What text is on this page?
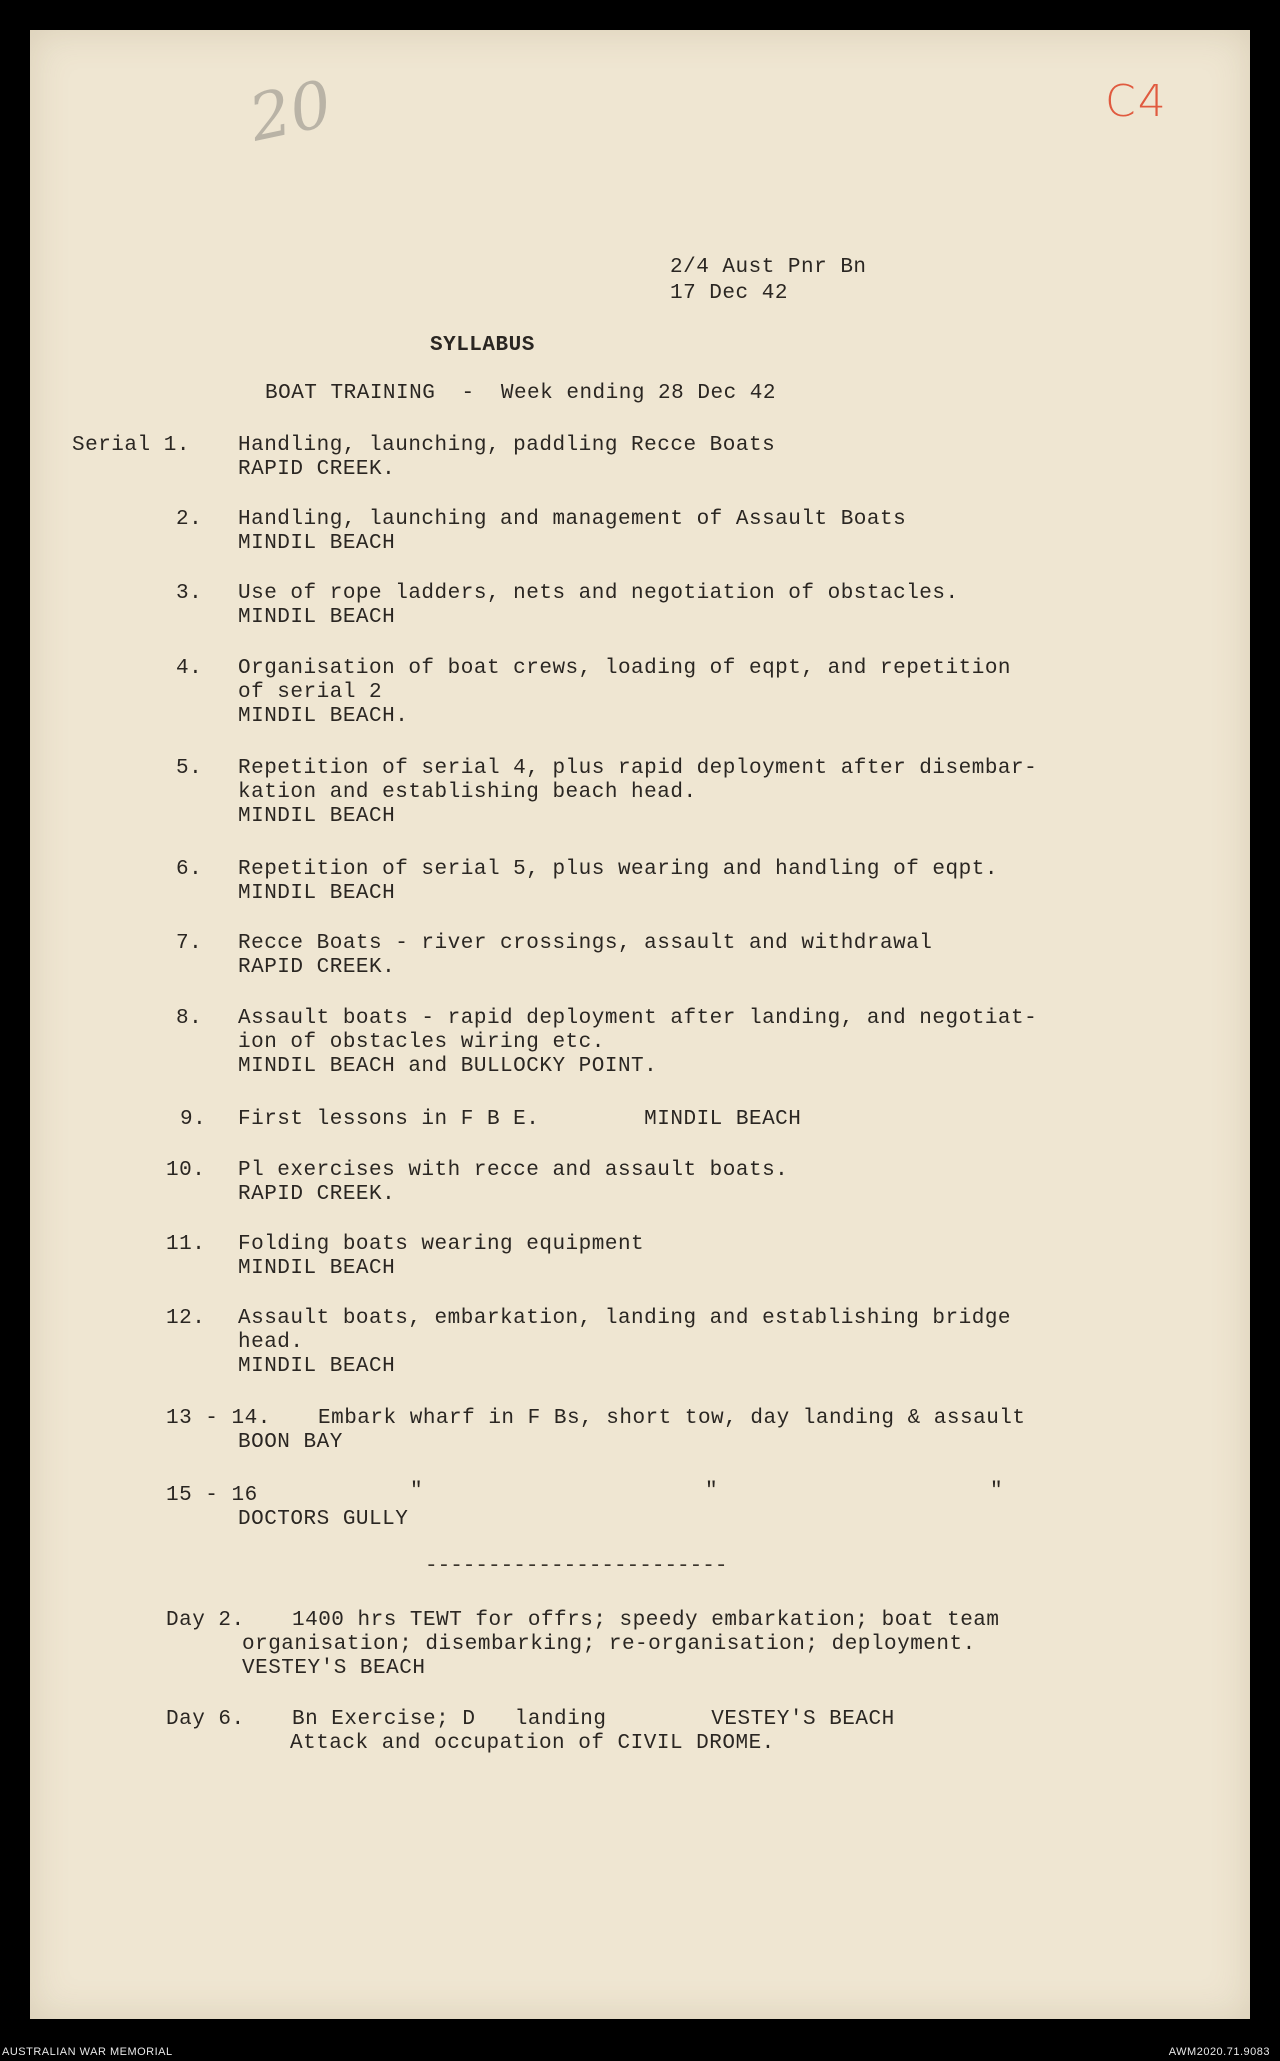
20	C4
2/4 Aust Pnr Bn
17 Dec 42
SYLLABUS
BOAT TRAINING  -  Week ending 28 Dec 42
Serial 1. Handling, launching, paddling Recce Boats
RAPID CREEK.
2. Handling, launching and management of Assault Boats
MINDIL BEACH
3. Use of rope ladders, nets and negotiation of obstacles.
MINDIL BEACH
4. Organisation of boat crews, loading of eqpt, and repetition
of serial 2
MINDIL BEACH.
5. Repetition of serial 4, plus rapid deployment after disembar-
kation and establishing beach head.
MINDIL BEACH
6. Repetition of serial 5, plus wearing and handling of eqpt.
MINDIL BEACH
7. Recce Boats - river crossings, assault and withdrawal
RAPID CREEK.
8. Assault boats - rapid deployment after landing, and negotiat-
ion of obstacles wiring etc.
MINDIL BEACH and BULLOCKY POINT.
9. First lessons in F B E.        MINDIL BEACH
10. Pl exercises with recce and assault boats.
RAPID CREEK.
11. Folding boats wearing equipment
MINDIL BEACH
12. Assault boats, embarkation, landing and establishing bridge
head.
MINDIL BEACH
13 - 14. Embark wharf in F Bs, short tow, day landing & assault
BOON BAY
15 - 16	"	"	"
DOCTORS GULLY
------------------------
Day 2. 1400 hrs TEWT for offrs; speedy embarkation; boat team
organisation; disembarking; re-organisation; deployment.
VESTEY'S BEACH
Day 6. Bn Exercise; D   landing        VESTEY'S BEACH
Attack and occupation of CIVIL DROME.
AUSTRALIAN WAR MEMORIAL	AWM2020.71.9083
